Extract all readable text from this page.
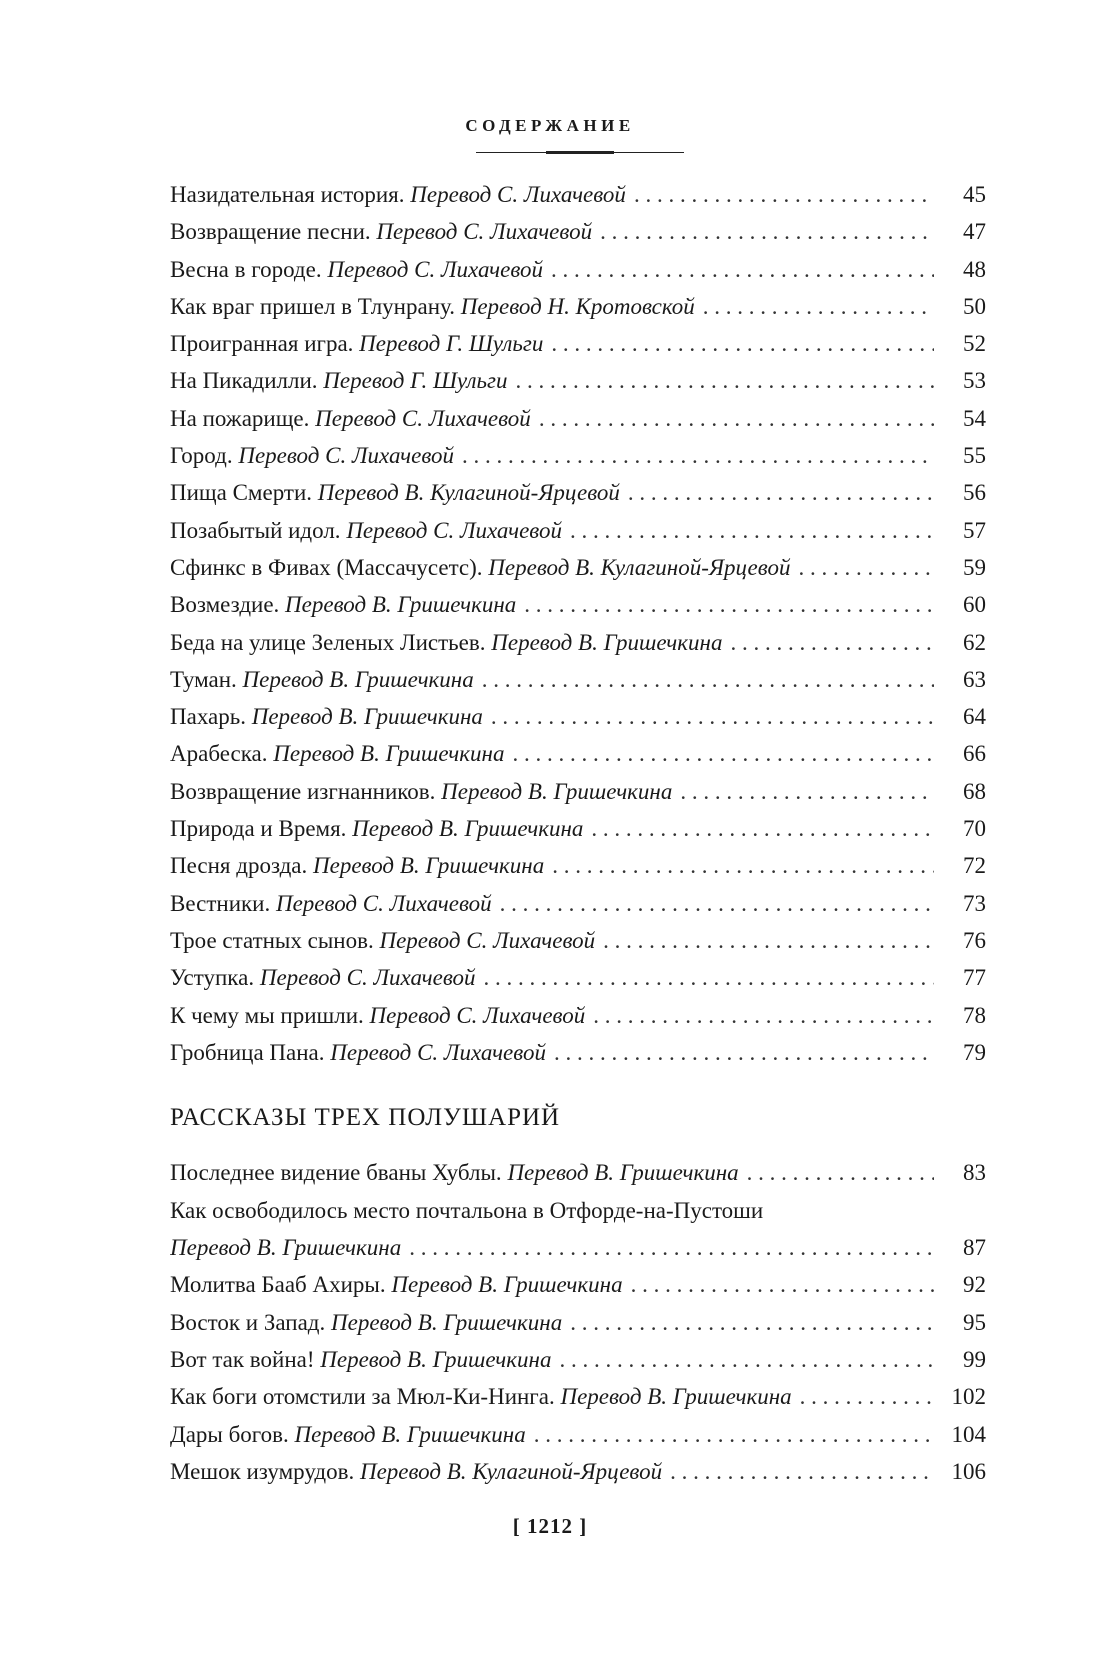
СОДЕРЖАНИЕ
Назидательная история. Перевод С. Лихачевой . . .	45
Возвращение песни. Перевод С. Лихачевой . . .	47
Весна в городе. Перевод С. Лихачевой . . .	48
Как враг пришел в Тлунрану. Перевод Н. Кротовской . . .	50
Проигранная игра. Перевод Г. Шульги . . .	52
На Пикадилли. Перевод Г. Шульги . . .	53
На пожарище. Перевод С. Лихачевой . . .	54
Город. Перевод С. Лихачевой . . .	55
Пища Смерти. Перевод В. Кулагиной-Ярцевой . . .	56
Позабытый идол. Перевод С. Лихачевой . . .	57
Сфинкс в Фивах (Массачусетс). Перевод В. Кулагиной-Ярцевой . . .	59
Возмездие. Перевод В. Гришечкина . . .	60
Беда на улице Зеленых Листьев. Перевод В. Гришечкина . . .	62
Туман. Перевод В. Гришечкина . . .	63
Пахарь. Перевод В. Гришечкина . . .	64
Арабеска. Перевод В. Гришечкина . . .	66
Возвращение изгнанников. Перевод В. Гришечкина . . .	68
Природа и Время. Перевод В. Гришечкина . . .	70
Песня дрозда. Перевод В. Гришечкина . . .	72
Вестники. Перевод С. Лихачевой . . .	73
Трое статных сынов. Перевод С. Лихачевой . . .	76
Уступка. Перевод С. Лихачевой . . .	77
К чему мы пришли. Перевод С. Лихачевой . . .	78
Гробница Пана. Перевод С. Лихачевой . . .	79
РАССКАЗЫ ТРЕХ ПОЛУШАРИЙ
Последнее видение бваны Хублы. Перевод В. Гришечкина . . .	83
Как освободилось место почтальона в Отфорде-на-Пустоши
Перевод В. Гришечкина . . .	87
Молитва Бааб Ахиры. Перевод В. Гришечкина . . .	92
Восток и Запад. Перевод В. Гришечкина . . .	95
Вот так война! Перевод В. Гришечкина . . .	99
Как боги отомстили за Мюл-Ки-Нинга. Перевод В. Гришечкина . . .	102
Дары богов. Перевод В. Гришечкина . . .	104
Мешок изумрудов. Перевод В. Кулагиной-Ярцевой . . .	106
[ 1212 ]
